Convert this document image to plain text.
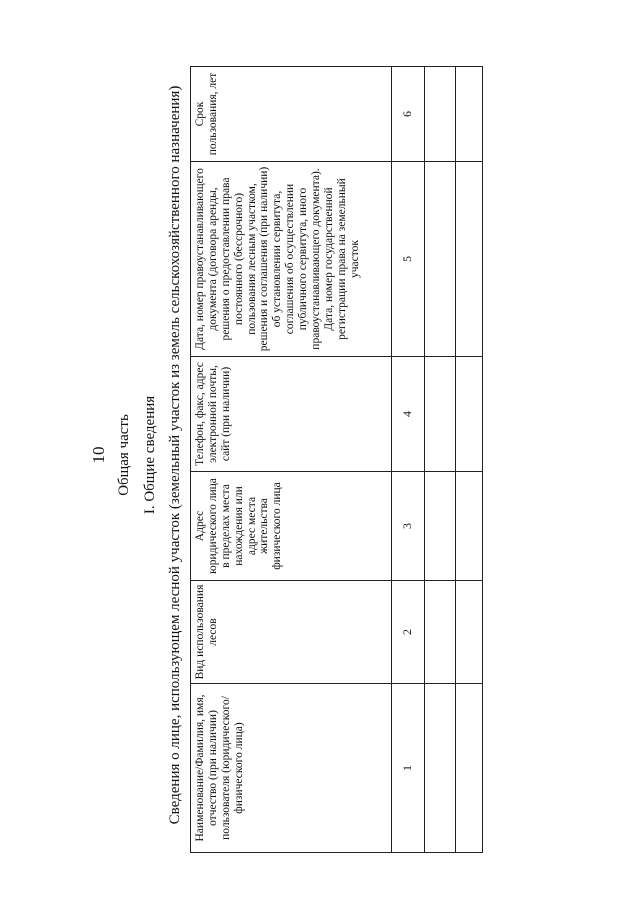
10 Общая часть I. Общие сведения Сведения о лице, использующем лесной участок (земельный участок из земель сельскохозяйственного назначения) Наименование/Фамилия, имя, отчество (при наличии) пользователя (юридического/физического лица)	Вид использования лесов	Адрес юридического лица в пределах места нахождения или адрес места жительства физического лица	Телефон, факс, адрес электронной почты, сайт (при наличии)	Дата, номер правоустанавливающего документа (договора аренды, решения о предоставлении права постоянного (бессрочного) пользования лесным участком, решения и соглашения (при наличии) об установлении сервитута, соглашения об осуществлении публичного сервитута, иного правоустанавливающего документа). Дата, номер государственной регистрации права на земельный участок	Срок пользования, лет
1	2	3	4	5	6
